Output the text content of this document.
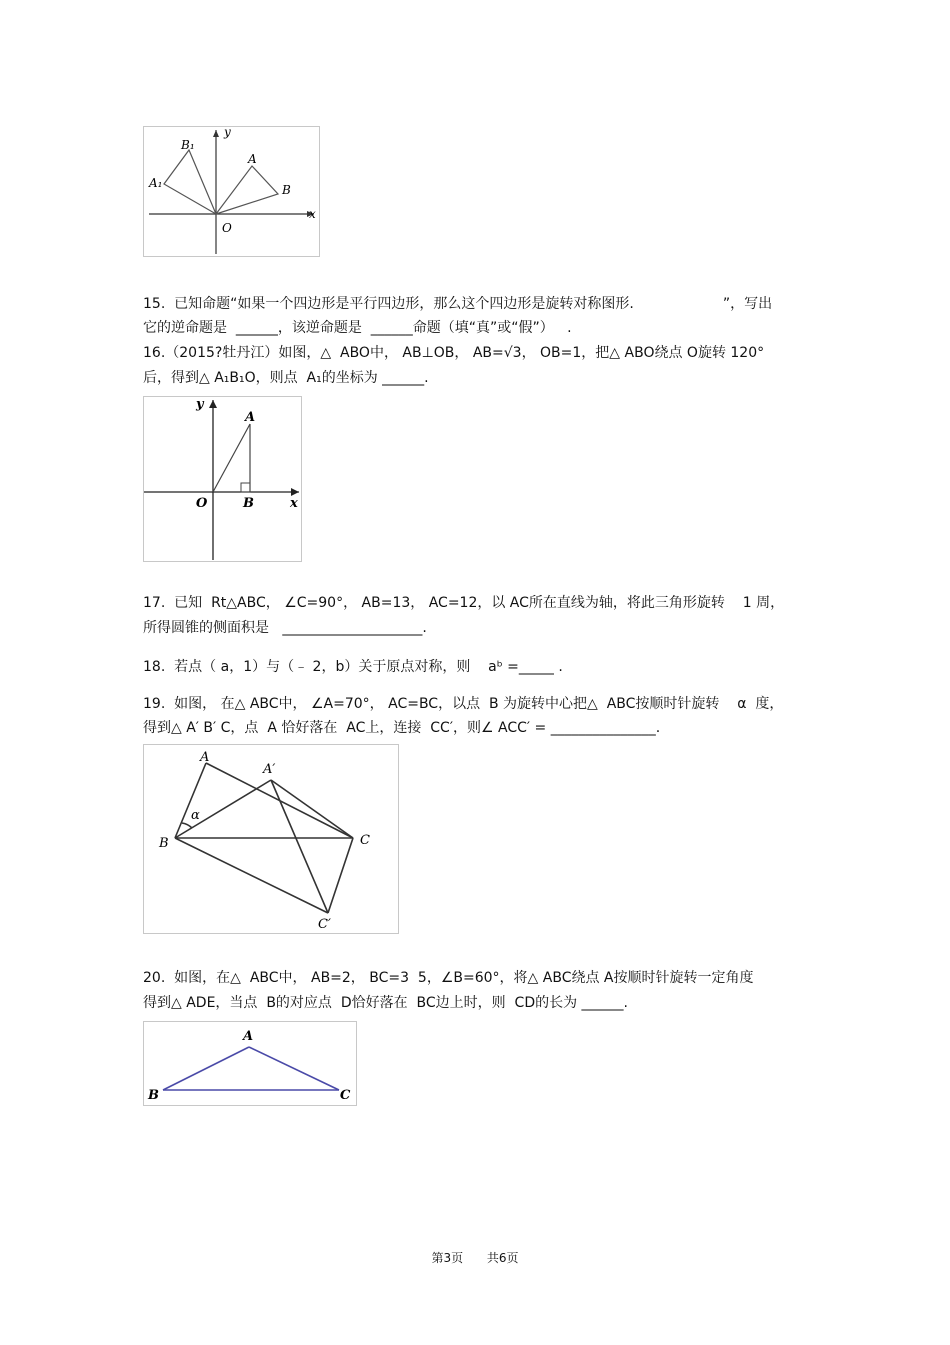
B₁
A₁
A
B
O
x
y
15.  已知命题“如果一个四边形是平行四边形，那么这个四边形是旋转对称图形.                    ”，写出
它的逆命题是  ______，该逆命题是  ______命题（填“真”或“假”）   .
16.（2015?牡丹江）如图，△  ABO中， AB⊥OB， AB=√3， OB=1，把△ ABO绕点 O旋转 120°
后，得到△ A₁B₁O，则点  A₁的坐标为 ______.
y
A
O	B	x
17.  已知  Rt△ABC， ∠C=90°， AB=13， AC=12，以 AC所在直线为轴，将此三角形旋转    1 周，
所得圆锥的侧面积是   ____________________.
18.  若点（ a，1）与（﹣ 2，b）关于原点对称，则    aᵇ =_____ .
19.  如图， 在△ ABC中， ∠A=70°， AC=BC，以点  B 为旋转中心把△  ABC按顺时针旋转    α  度，
得到△ A′ B′ C，点  A 恰好落在  AC上，连接  CC′，则∠ ACC′ = _______________.
A
A′
α
B	C
C′
20.  如图，在△  ABC中， AB=2， BC=3  5，∠B=60°，将△ ABC绕点 A按顺时针旋转一定角度
得到△ ADE，当点  B的对应点  D恰好落在  BC边上时，则  CD的长为 ______.
A
B	C
第3页 共6页
